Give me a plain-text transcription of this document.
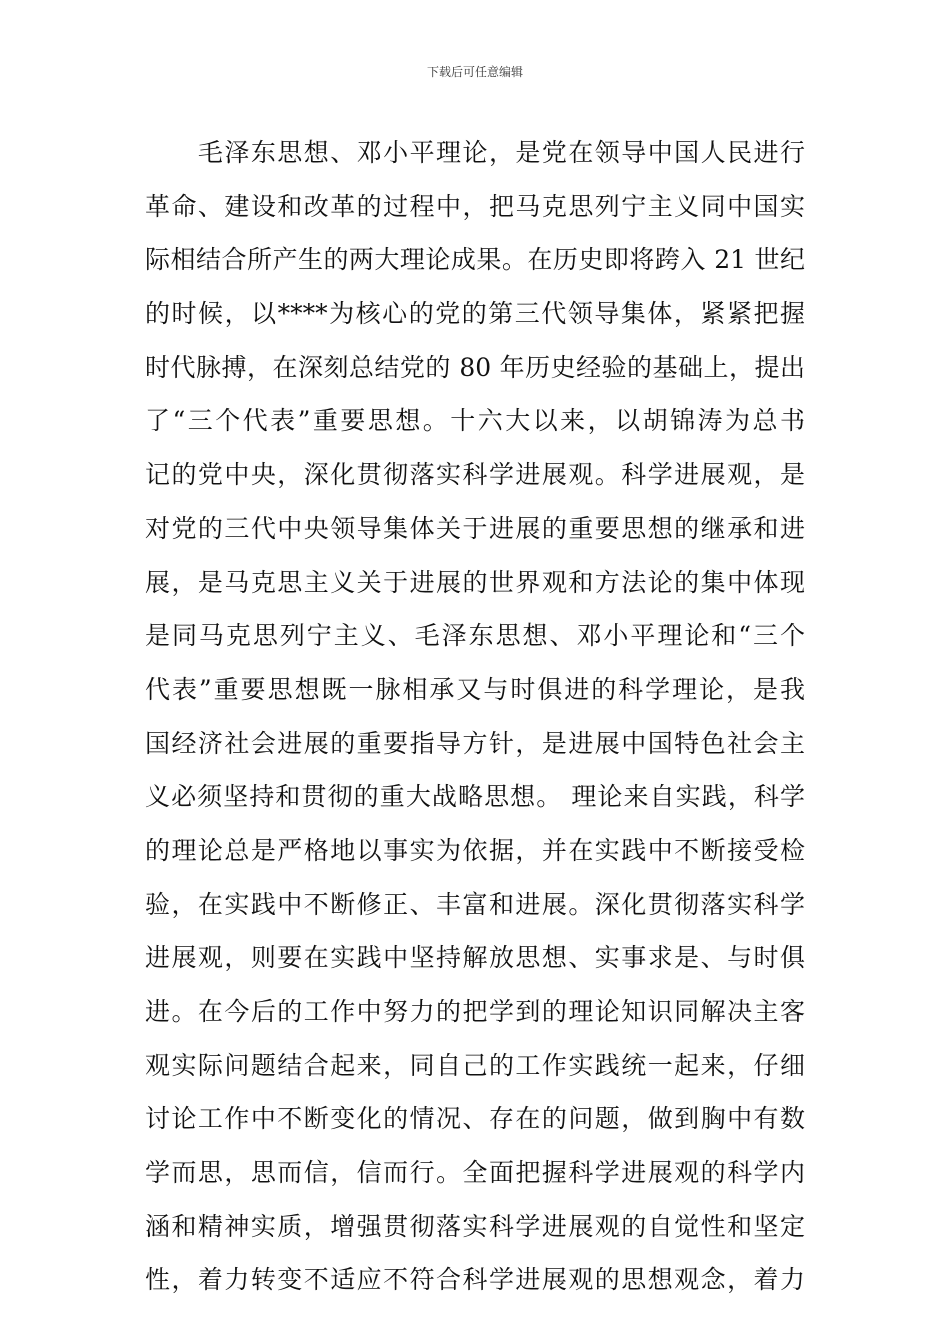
下载后可任意编辑
　　毛泽东思想、邓小平理论，是党在领导中国人民进行
革命、建设和改革的过程中，把马克思列宁主义同中国实
际相结合所产生的两大理论成果。在历史即将跨入 21 世纪
的时候，以****为核心的党的第三代领导集体，紧紧把握
时代脉搏，在深刻总结党的 80 年历史经验的基础上，提出
了“三个代表”重要思想。十六大以来，以胡锦涛为总书
记的党中央，深化贯彻落实科学进展观。科学进展观，是
对党的三代中央领导集体关于进展的重要思想的继承和进
展，是马克思主义关于进展的世界观和方法论的集中体现
是同马克思列宁主义、毛泽东思想、邓小平理论和“三个
代表”重要思想既一脉相承又与时俱进的科学理论，是我
国经济社会进展的重要指导方针，是进展中国特色社会主
义必须坚持和贯彻的重大战略思想。 理论来自实践，科学
的理论总是严格地以事实为依据，并在实践中不断接受检
验，在实践中不断修正、丰富和进展。深化贯彻落实科学
进展观，则要在实践中坚持解放思想、实事求是、与时俱
进。在今后的工作中努力的把学到的理论知识同解决主客
观实际问题结合起来，同自己的工作实践统一起来，仔细
讨论工作中不断变化的情况、存在的问题，做到胸中有数
学而思，思而信，信而行。全面把握科学进展观的科学内
涵和精神实质，增强贯彻落实科学进展观的自觉性和坚定
性，着力转变不适应不符合科学进展观的思想观念，着力
